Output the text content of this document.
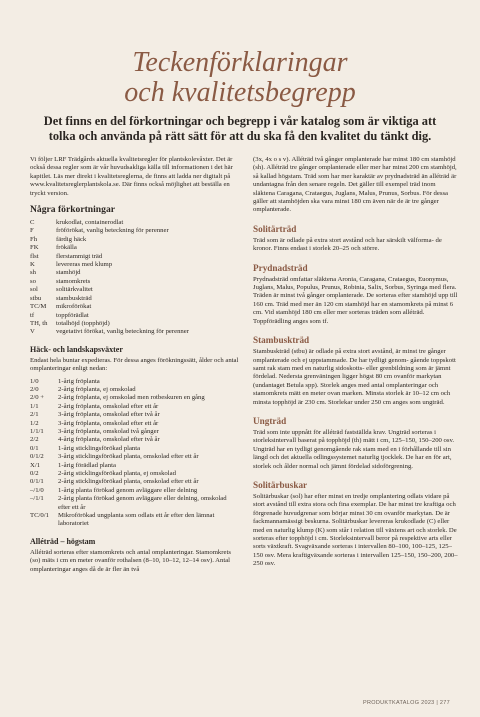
Teckenförklaringar
och kvalitetsbegrepp
Det finns en del förkortningar och begrepp i vår katalog som är viktiga att tolka och använda på rätt sätt för att du ska få den kvalitet du tänkt dig.

Vi följer LRF Trädgårds aktuella kvalitetsregler för plantskolevåxter. Det är också dessa regler som är vår huvudsakliga källa till informationen i det här kapitlet. Läs mer direkt i kvalitetsreglerna, de finns att ladda ner digitalt på www.kvalitetsreglerplantskola.se. Där finns också möjlighet att beställa en tryckt version.

Några förkortningar
C	krukodlat, containerodlat
F	fröförökat, vanlig beteckning för perenner
Fh	färdig häck
FK	frökälla
flst	flerstammigt träd
K	levereras med klump
sh	stamhöjd
so	stamomkrets
sol	solitärkvalitet
stbu	stambuskträd
TC/M	mikroförökat
tf	toppförädlat
TH, th	totalhöjd (topphöjd)
V	vegetativt förökat, vanlig beteckning för perenner
Häck- och landskapsväxter

Endast hela buntar expedieras. För dessa anges förökningssätt, ålder och antal omplanteringar enligt nedan:

1/0	1-årig fröplanta
2/0	2-årig fröplanta, ej omskolad
2/0 +	2-årig fröplanta, ej omskolad men rotbeskuren en gång
1/1	2-årig fröplanta, omskolad efter ett år
2/1	3-årig fröplanta, omskolad efter två år
1/2	3-årig fröplanta, omskolad efter ett år
1/1/1	3-årig fröplanta, omskolad två gånger
2/2	4-årig fröplanta, omskolad efter två år
0/1	1-årig sticklingsförökad planta
0/1/2	3-årig sticklingsförökad planta, omskolad efter ett år
X/1	1-årig förädlad planta
0/2	2-årig sticklingsförökad planta, ej omskolad
0/1/1	2-årig sticklingsförökad planta, omskolad efter ett år
–/1/0	1-årig planta förökad genom avläggare eller delning
–/1/1	2-årig planta förökad genom avläggare eller delning, omskolad efter ett år
TC/0/1	Mikroförökad ungplanta som odlats ett år efter den lämnat laboratoriet
Alléträd – högstam

Alléträd sorteras efter stamomkrets och antal omplanteringar. Stamomkrets (so) mäts i cm en meter ovanför rothalsen (8–10, 10–12, 12–14 osv). Antal omplanteringar anges då de är fler än två

(3x, 4x o s v). Alléträd två gånger omplanterade har minst 180 cm stamhöjd (sh). Alléträd tre gånger omplanterade eller mer har minst 200 cm stamhöjd, så kallad högstam. Träd som har mer karaktär av prydnadsträd än alléträd är undantagna från den senare regeln. Det gäller till exempel träd inom släktena Caragana, Crataegus, Juglans, Malus, Prunus, Sorbus. För dessa gäller att stamhöjden ska vara minst 180 cm även när de är tre gånger omplanterade.

Solitärträd

Träd som är odlade på extra stort avstånd och har särskilt välforma- de kronor. Finns endast i storlek 20–25 och större.

Prydnadsträd

Prydnadsträd omfattar släktena Aronia, Caragana, Crataegus, Euonymus, Juglans, Malus, Populus, Prunus, Robinia, Salix, Sorbus, Syringa med flera. Träden är minst två gånger omplanterade. De sorteras efter stamhöjd upp till 160 cm. Träd med mer än 120 cm stamhöjd har en stamomkrets på minst 6 cm. Vid stamhöjd 180 cm eller mer sorteras träden som alléträd. Toppförädling anges som tf.

Stambuskträd

Stambuskträd (stbu) är odlade på extra stort avstånd, är minst tre gånger omplanterade och ej uppstammade. De har tydligt genom- gående toppskott samt rak stam med en naturlig sidoskotts- eller grenbildning som är jämnt fördelad. Nedersta grenväningen ligger högst 80 cm ovanför markytan (undantaget Betula spp). Storlek anges med antal omplanteringar och stamomkrets mätt en meter ovan marken. Minsta storlek är 10–12 cm och minsta topphöjd är 230 cm. Storlekar under 250 cm anges som ungträd.

Ungträd

Träd som inte uppnått för alléträd fastställda krav. Ungträd sorteras i storleksintervall baserat på topphöjd (th) mätt i cm, 125–150, 150–200 osv. Ungträd har en tydligt genomgående rak stam med en i förhållande till sin längd och det aktuella odlingssystemet naturlig tjocklek. De har en för art, storlek och ålder normal och jämnt fördelad sidoförgrening.

Solitärbuskar

Solitärbuskar (sol) har efter minst en tredje omplantering odlats vidare på stort avstånd till extra stora och fina exemplar. De har minst tre kraftiga och förgrenade huvudgrenar som börjar minst 30 cm ovanför markytan. De är fackmannamässigt beskurna. Solitärbuskar levereras krukodlade (C) eller med en naturlig klump (K) som står i relation till växtens art och storlek. De sorteras efter topphöjd i cm. Storleksintervall beror på respektive arts eller sorts växtkraft. Svagväxande sorteras i intervallen 80–100, 100–125, 125–150 osv. Mera kraftigväxande sorteras i intervallen 125–150, 150–200, 200–250 osv.

PRODUKTKATALOG 2023 | 277
